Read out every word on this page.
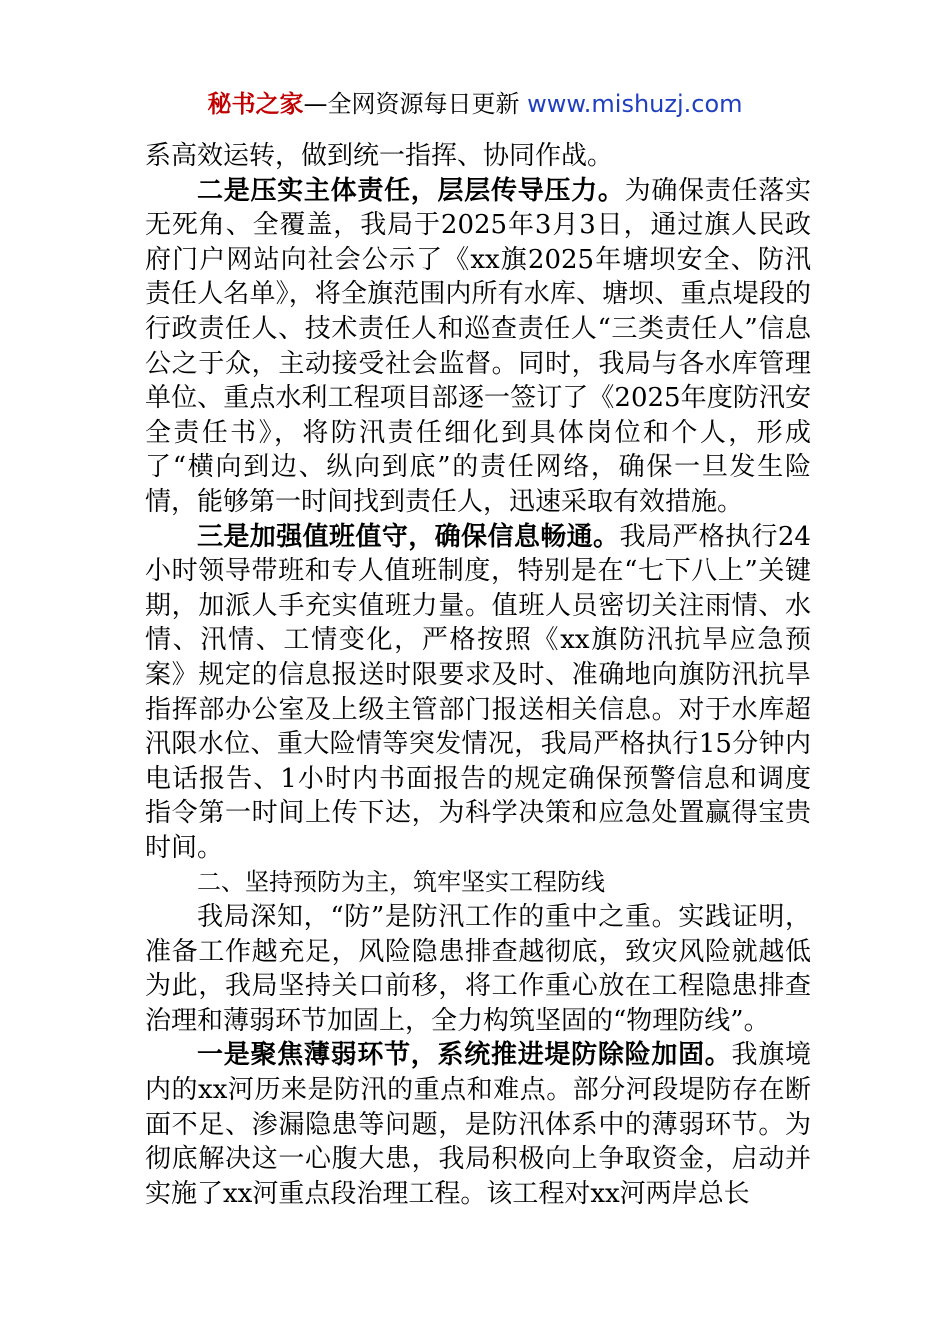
秘书之家—全网资源每日更新 www.mishuzj.com

系高效运转，做到统一指挥、协同作战。

二是压实主体责任，层层传导压力。为确保责任落实无死角、全覆盖，我局于2025年3月3日，通过旗人民政府门户网站向社会公示了《xx旗2025年塘坝安全、防汛责任人名单》，将全旗范围内所有水库、塘坝、重点堤段的行政责任人、技术责任人和巡查责任人“三类责任人”信息公之于众，主动接受社会监督。同时，我局与各水库管理单位、重点水利工程项目部逐一签订了《2025年度防汛安全责任书》，将防汛责任细化到具体岗位和个人，形成了“横向到边、纵向到底”的责任网络，确保一旦发生险情，能够第一时间找到责任人，迅速采取有效措施。

三是加强值班值守，确保信息畅通。我局严格执行24小时领导带班和专人值班制度，特别是在“七下八上”关键期，加派人手充实值班力量。值班人员密切关注雨情、水情、汛情、工情变化，严格按照《xx旗防汛抗旱应急预案》规定的信息报送时限要求及时、准确地向旗防汛抗旱指挥部办公室及上级主管部门报送相关信息。对于水库超汛限水位、重大险情等突发情况，我局严格执行15分钟内电话报告、1小时内书面报告的规定确保预警信息和调度指令第一时间上传下达，为科学决策和应急处置赢得宝贵时间。

二、坚持预防为主，筑牢坚实工程防线

我局深知，“防”是防汛工作的重中之重。实践证明，准备工作越充足，风险隐患排查越彻底，致灾风险就越低为此，我局坚持关口前移，将工作重心放在工程隐患排查治理和薄弱环节加固上，全力构筑坚固的“物理防线”。

一是聚焦薄弱环节，系统推进堤防除险加固。我旗境内的xx河历来是防汛的重点和难点。部分河段堤防存在断面不足、渗漏隐患等问题，是防汛体系中的薄弱环节。为彻底解决这一心腹大患，我局积极向上争取资金，启动并实施了xx河重点段治理工程。该工程对xx河两岸总长
